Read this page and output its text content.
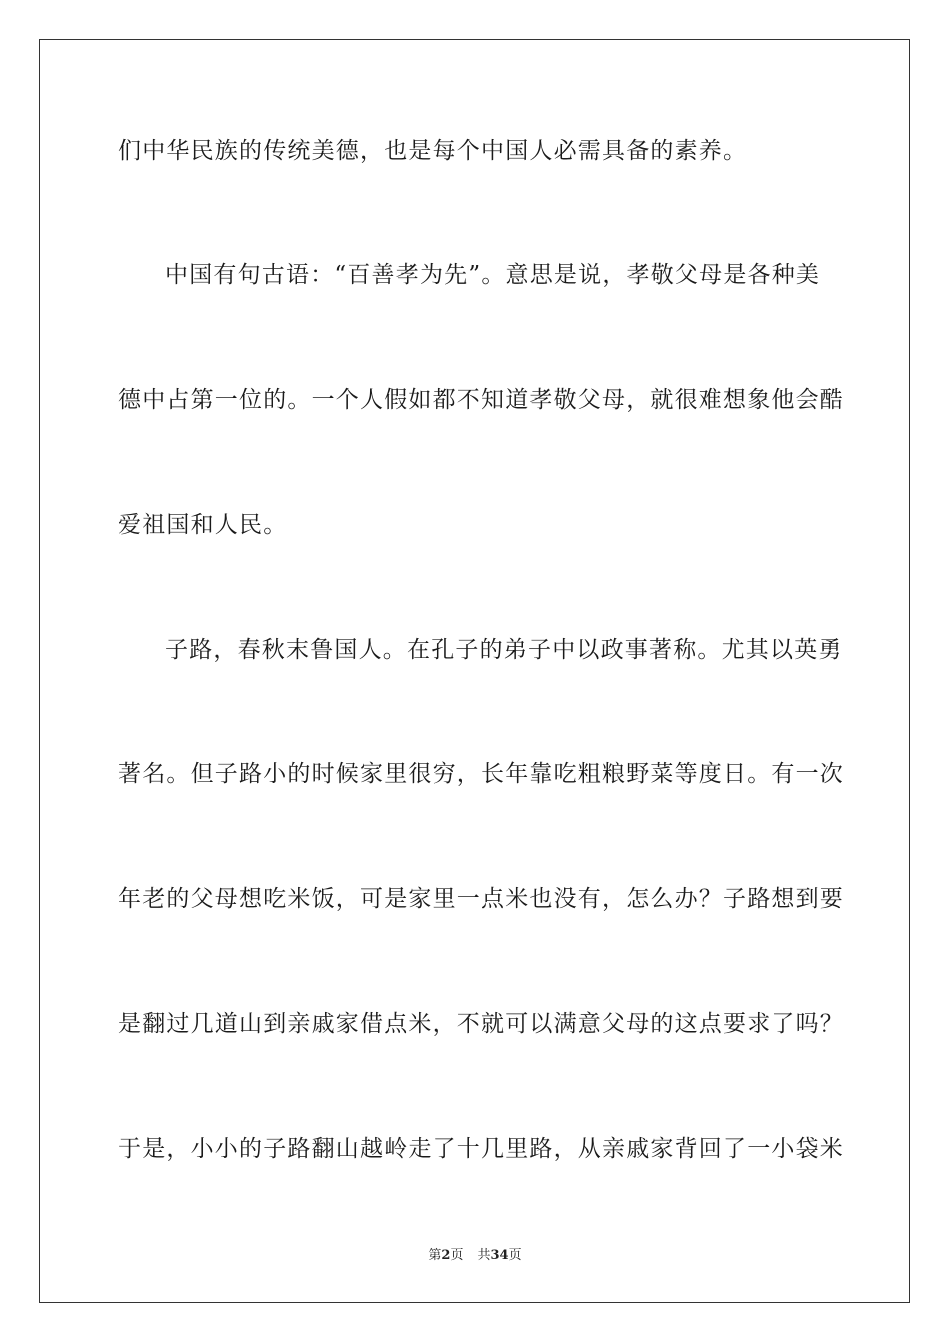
们中华民族的传统美德，也是每个中国人必需具备的素养。
中国有句古语：“百善孝为先”。意思是说，孝敬父母是各种美
德中占第一位的。一个人假如都不知道孝敬父母，就很难想象他会酷
爱祖国和人民。
子路，春秋末鲁国人。在孔子的弟子中以政事著称。尤其以英勇
著名。但子路小的时候家里很穷，长年靠吃粗粮野菜等度日。有一次
年老的父母想吃米饭，可是家里一点米也没有，怎么办？子路想到要
是翻过几道山到亲戚家借点米，不就可以满意父母的这点要求了吗？
于是，小小的子路翻山越岭走了十几里路，从亲戚家背回了一小袋米
第2页 共34页
